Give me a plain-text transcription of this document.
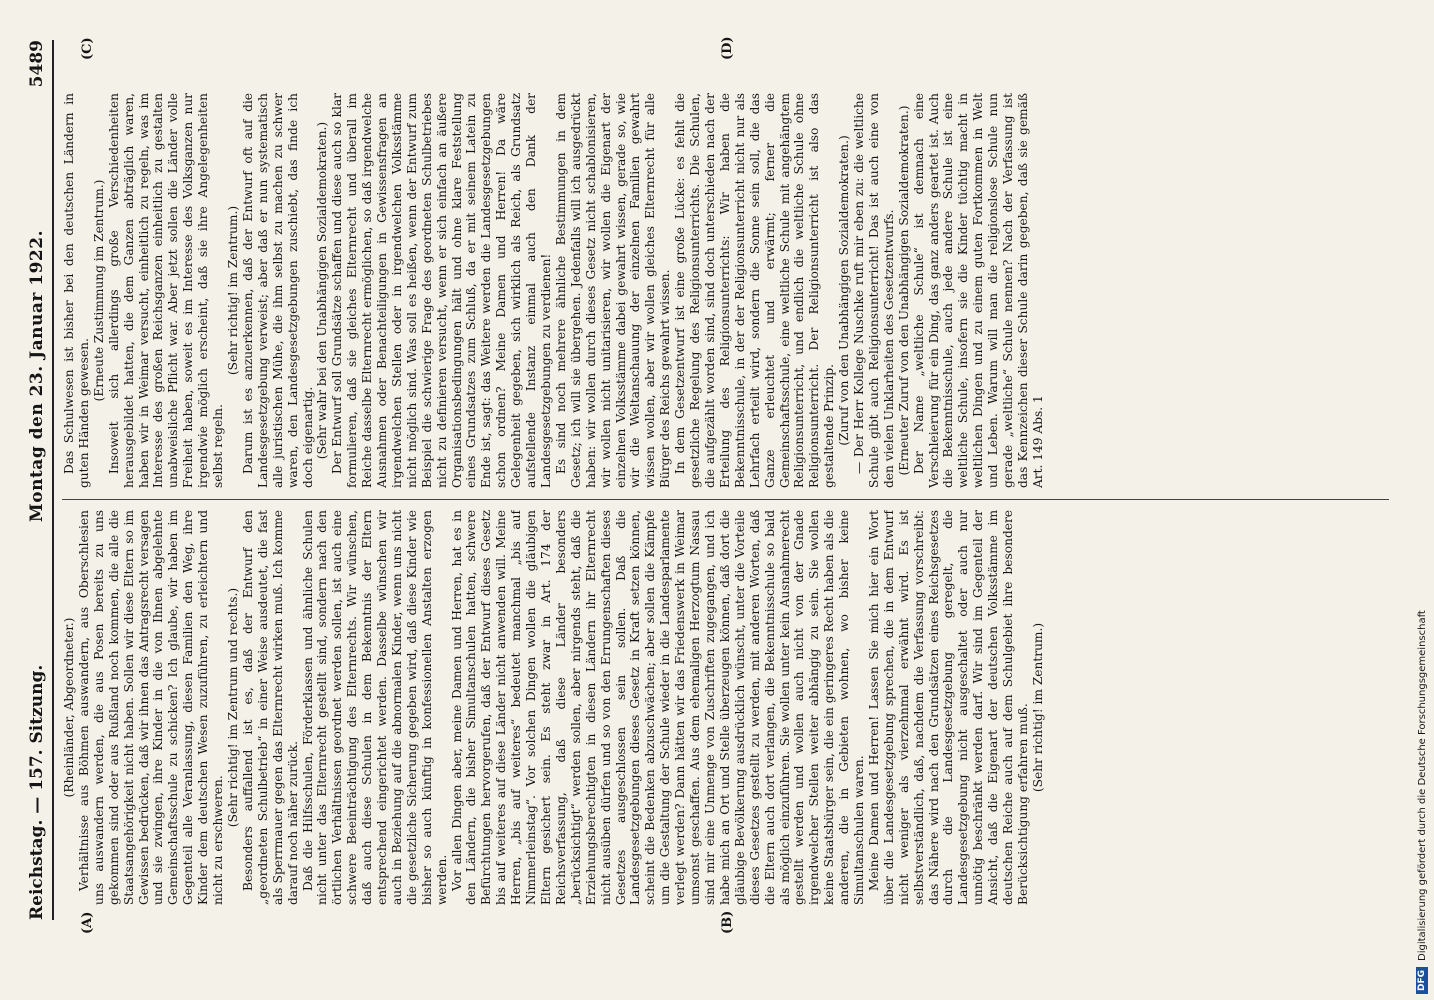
Reichstag. — 157. Sitzung.
Montag den 23. Januar 1922.
5489
(A)	(B)
(C)	(D)

(Rheinländer, Abgeordneter.) Verhältnisse aus Böhmen auswandern, aus Oberschlesien uns auswandern werden, die aus Posen bereits zu uns gekommen sind oder aus Rußland noch kommen, die alle die Staatsangehörigkeit nicht haben. Sollen wir diese Eltern so im Gewissen bedrücken, daß wir ihnen das Antragsrecht versagen und sie zwingen, ihre Kinder in die von Ihnen abgelehnte Gemeinschaftsschule zu schicken? Ich glaube, wir haben im Gegenteil alle Veranlassung, diesen Familien den Weg, ihre Kinder dem deutschen Wesen zuzuführen, zu erleichtern und nicht zu erschweren.

(Sehr richtig! im Zentrum und rechts.) Besonders auffallend ist es, daß der Entwurf den „geordneten Schulbetrieb“ in einer Weise ausdeutet, die fast als Sperrmauer gegen das Elternrecht wirken muß. Ich komme darauf noch näher zurück. Daß die Hilfsschulen, Förderklassen und ähnliche Schulen nicht unter das Elternrecht gestellt sind, sondern nach den örtlichen Verhältnissen geordnet werden sollen, ist auch eine schwere Beeinträchtigung des Elternrechts. Wir wünschen, daß auch diese Schulen in dem Bekenntnis der Eltern entsprechend eingerichtet werden. Dasselbe wünschen wir auch in Beziehung auf die abnormalen Kinder, wenn uns nicht die gesetzliche Sicherung gegeben wird, daß diese Kinder wie bisher so auch künftig in konfessionellen Anstalten erzogen werden. Vor allen Dingen aber, meine Damen und Herren, hat es in den Ländern, die bisher Simultanschulen hatten, schwere Befürchtungen hervorgerufen, daß der Entwurf dieses Gesetz bis auf weiteres auf diese Länder nicht anwenden will. Meine Herren, „bis auf weiteres“ bedeutet manchmal „bis auf Nimmerleinstag“. Vor solchen Dingen wollen die gläubigen Eltern gesichert sein. Es steht zwar in Art. 174 der Reichsverfassung, daß diese Länder besonders „berücksichtigt“ werden sollen, aber nirgends steht, daß die Erziehungsberechtigten in diesen Ländern ihr Elternrecht nicht ausüben dürfen und so von den Errungenschaften dieses Gesetzes ausgeschlossen sein sollen. Daß die Landesgesetzgebungen dieses Gesetz in Kraft setzen können, scheint die Bedenken abzuschwächen; aber sollen die Kämpfe um die Gestaltung der Schule wieder in die Landesparlamente verlegt werden? Dann hätten wir das Friedenswerk in Weimar umsonst geschaffen. Aus dem ehemaligen Herzogtum Nassau sind mir eine Unmenge von Zuschriften zugegangen, und ich habe mich an Ort und Stelle überzeugen können, daß dort die gläubige Bevölkerung ausdrücklich wünscht, unter die Vorteile dieses Gesetzes gestellt zu werden, mit anderen Worten, daß die Eltern auch dort verlangen, die Bekenntnisschule so bald als möglich einzuführen. Sie wollen unter kein Ausnahmerecht gestellt werden und wollen auch nicht von der Gnade irgendwelcher Stellen weiter abhängig zu sein. Sie wollen keine Staatsbürger sein, die ein geringeres Recht haben als die anderen, die in Gebieten wohnen, wo bisher keine Simultanschulen waren. Meine Damen und Herren! Lassen Sie mich hier ein Wort über die Landesgesetzgebung sprechen, die in dem Entwurf nicht weniger als vierzehnmal erwähnt wird. Es ist selbstverständlich, daß, nachdem die Verfassung vorschreibt: das Nähere wird nach den Grundsätzen eines Reichsgesetzes durch die Landesgesetzgebung geregelt, die Landesgesetzgebung nicht ausgeschaltet oder auch nur unnötig beschränkt werden darf. Wir sind im Gegenteil der Ansicht, daß die Eigenart der deutschen Volksstämme im deutschen Reiche auch auf dem Schulgebiet ihre besondere Berücksichtigung erfahren muß. (Sehr richtig! im Zentrum.)

Das Schulwesen ist bisher bei den deutschen Ländern in guten Händen gewesen.

(Erneute Zustimmung im Zentrum.) Insoweit sich allerdings große Verschiedenheiten herausgebildet hatten, die dem Ganzen abträglich waren, haben wir in Weimar versucht, einheitlich zu regeln, was im Interesse des großen Reichsganzen einheitlich zu gestalten unabweisliche Pflicht war. Aber jetzt sollen die Länder volle Freiheit haben, soweit es im Interesse des Volksganzen nur irgendwie möglich erscheint, daß sie ihre Angelegenheiten selbst regeln.

(Sehr richtig! im Zentrum.) Darum ist es anzuerkennen, daß der Entwurf oft auf die Landesgesetzgebung verweist; aber daß er nun systematisch alle juristischen Mühe, die ihm selbst zu machen zu schwer waren, den Landesgesetzgebungen zuschiebt, das finde ich doch eigenartig. (Sehr wahr bei den Unabhängigen Sozialdemokraten.) Der Entwurf soll Grundsätze schaffen und diese auch so klar formulieren, daß sie gleiches Elternrecht und überall im Reiche dasselbe Elternrecht ermöglichen, so daß irgendwelche Ausnahmen oder Benachteiligungen in Gewissensfragen an irgendwelchen Stellen oder in irgendwelchen Volksstämme nicht möglich sind. Was soll es heißen, wenn der Entwurf zum Beispiel die schwierige Frage des geordneten Schulbetriebes nicht zu definieren versucht, wenn er sich einfach an äußere Organisationsbedingungen hält und ohne klare Feststellung eines Grundsatzes zum Schluß, da er mit seinem Latein zu Ende ist, sagt: das Weitere werden die Landesgesetzgebungen schon ordnen? Meine Damen und Herren! Da wäre Gelegenheit gegeben, sich wirklich als Reich, als Grundsatz aufstellende Instanz einmal auch den Dank der Landesgesetzgebungen zu verdienen! Es sind noch mehrere ähnliche Bestimmungen in dem Gesetz; ich will sie übergehen. Jedenfalls will ich ausgedrückt haben: wir wollen durch dieses Gesetz nicht schablonisieren, wir wollen nicht unitarisieren, wir wollen die Eigenart der einzelnen Volksstämme dabei gewahrt wissen, gerade so, wie wir die Weltanschauung der einzelnen Familien gewahrt wissen wollen, aber wir wollen gleiches Elternrecht für alle Bürger des Reichs gewahrt wissen. In dem Gesetzentwurf ist eine große Lücke: es fehlt die gesetzliche Regelung des Religionsunterrichts. Die Schulen, die aufgezählt worden sind, sind doch unterschieden nach der Erteilung des Religionsunterrichts: Wir haben die Bekenntnisschule, in der der Religionsunterricht nicht nur als Lehrfach erteilt wird, sondern die Sonne sein soll, die das Ganze erleuchtet und erwärmt; ferner die Gemeinschaftsschule, eine weltliche Schule mit angehängtem Religionsunterricht, und endlich die weltliche Schule ohne Religionsunterricht. Der Religionsunterricht ist also das gestaltende Prinzip. (Zuruf von den Unabhängigen Sozialdemokraten.) — Der Herr Kollege Nuschke ruft mir eben zu: die weltliche Schule gibt auch Religionsunterricht! Das ist auch eine von den vielen Unklarheiten des Gesetzentwurfs. (Erneuter Zuruf von den Unabhängigen Sozialdemokraten.) Der Name „weltliche Schule“ ist demnach eine Verschleierung für ein Ding, das ganz anders geartet ist. Auch die Bekenntnisschule, auch jede andere Schule ist eine weltliche Schule, insofern sie die Kinder tüchtig macht in weltlichen Dingen und zu einem guten Fortkommen in Welt und Leben. Warum will man die religionslose Schule nun gerade „weltliche“ Schule nennen? Nach der Verfassung ist das Kennzeichen dieser Schule darin gegeben, daß sie gemäß Art. 149 Abs. 1

DFG
Digitalisierung gefördert durch die Deutsche Forschungsgemeinschaft
